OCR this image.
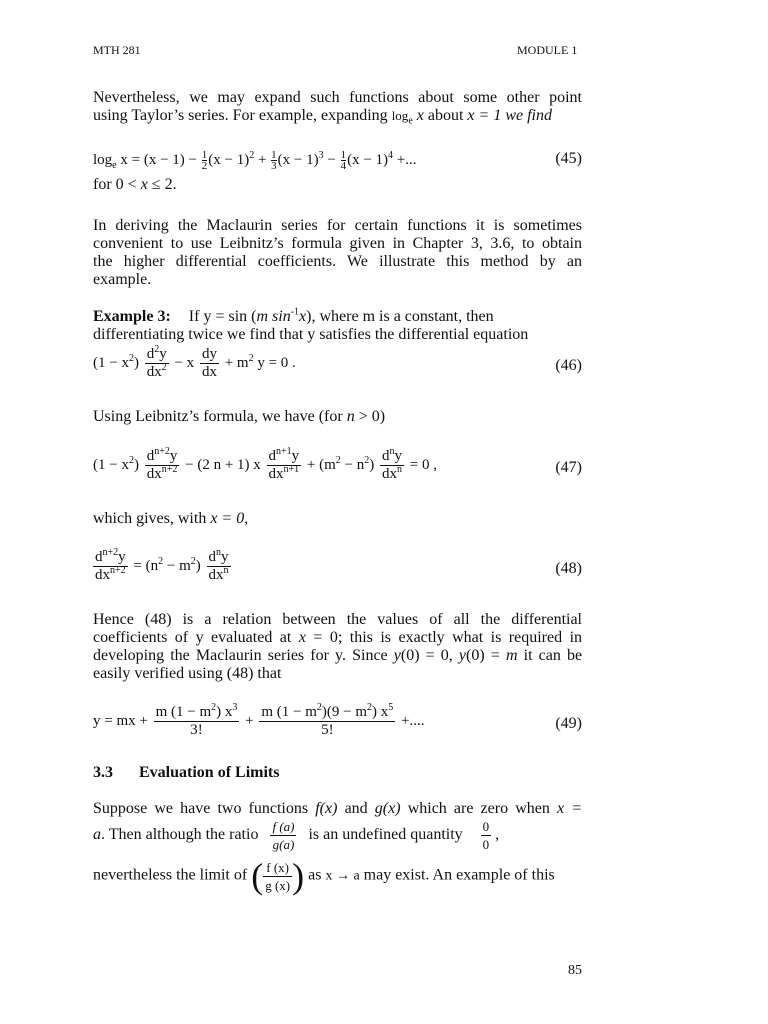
MTH 281	MODULE 1
Nevertheless, we may expand such functions about some other point
using Taylor’s series. For example, expanding $\log_e x$ about x = 1 we find
$\log_e x = (x - 1) - \frac{1}{2} (x - 1)^2 + \frac{1}{3} (x - 1)^3 - \frac{1}{4} (x - 1)^4$ +...	(45)
for 0 < x ≤ 2.
In deriving the Maclaurin series for certain functions it is sometimes
convenient to use Leibnitz’s formula given in Chapter 3, 3.6, to obtain
the higher differential coefficients. We illustrate this method by an
example.
Example 3: If y = sin (m $\sin^{-1}x$), where m is a constant, then
differentiating twice we find that y satisfies the differential equation
$(1 - x^2) \frac{d^2y}{dx^2} - x \frac{dy}{dx} + m^2$ y = 0 .	(46)
Using Leibnitz’s formula, we have (for n > 0)
$(1 - x^2) \frac{d^{n+2}y}{dx^{n+2}} - (2$ n + 1) x $\frac{d^{n+1}y}{dx^{n+1}} + (m^2 - n^2) \frac{d^ny}{dx^n} = 0$ ,	(47)
which gives, with x = 0,
$\frac{d^{n+2}y}{dx^{n+2}} = (n^2 - m^2) \frac{d^ny}{dx^n}$	(48)
Hence (48) is a relation between the values of all the differential
coefficients of y evaluated at x = 0; this is exactly what is required in
developing the Maclaurin series for y. Since y(0) = 0, y(0) = m it can be
easily verified using (48) that
y = mx + $\frac{m (1 - m^2) x^3}{3!} + \frac{m (1 - m^2)(9 - m^2) x^5}{5!}$ +....	(49)
3.3 Evaluation of Limits
Suppose we have two functions f(x) and g(x) which are zero when x =
a. Then although the ratio $\frac{f (a)}{g(a)}$ is an undefined quantity $\frac{0}{0}$ ,
nevertheless the limit of ( $\frac{f (x)}{g (x)}$ ) as x → a may exist. An example of this
85
